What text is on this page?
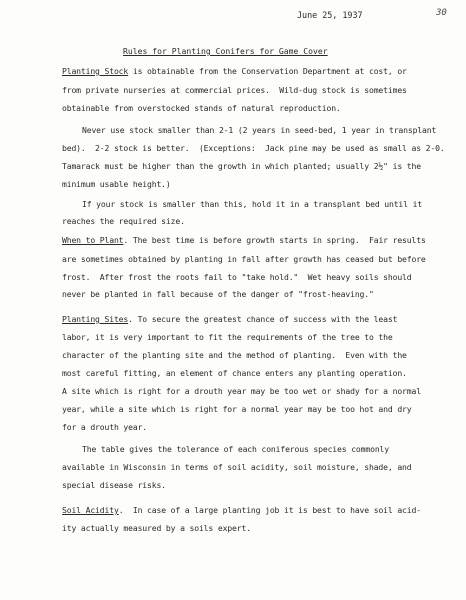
June 25, 1937	30
Rules for Planting Conifers for Game Cover
Planting Stock is obtainable from the Conservation Department at cost, or
from private nurseries at commercial prices.  Wild-dug stock is sometimes
obtainable from overstocked stands of natural reproduction.
Never use stock smaller than 2-1 (2 years in seed-bed, 1 year in transplant
bed).  2-2 stock is better.  (Exceptions:  Jack pine may be used as small as 2-0.
Tamarack must be higher than the growth in which planted; usually 2½" is the
minimum usable height.)
If your stock is smaller than this, hold it in a transplant bed until it
reaches the required size.
When to Plant. The best time is before growth starts in spring.  Fair results
are sometimes obtained by planting in fall after growth has ceased but before
frost.  After frost the roots fail to "take hold."  Wet heavy soils should
never be planted in fall because of the danger of "frost-heaving."
Planting Sites. To secure the greatest chance of success with the least
labor, it is very important to fit the requirements of the tree to the
character of the planting site and the method of planting.  Even with the
most careful fitting, an element of chance enters any planting operation.
A site which is right for a drouth year may be too wet or shady for a normal
year, while a site which is right for a normal year may be too hot and dry
for a drouth year.
The table gives the tolerance of each coniferous species commonly
available in Wisconsin in terms of soil acidity, soil moisture, shade, and
special disease risks.
Soil Acidity.  In case of a large planting job it is best to have soil acid-
ity actually measured by a soils expert.
